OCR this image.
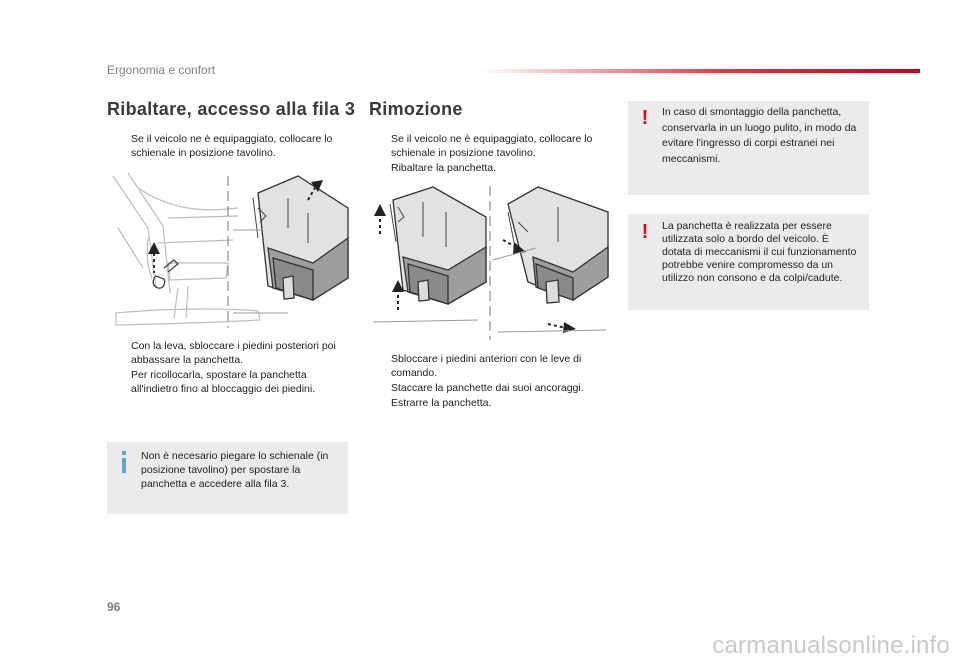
Ergonomia e confort
Ribaltare, accesso alla fila 3
Se il veicolo ne è equipaggiato, collocare lo schienale in posizione tavolino.
Con la leva, sbloccare i piedini posteriori poi abbassare la panchetta.
Per ricollocarla, spostare la panchetta all'indietro fino al bloccaggio dei piedini.
Non è necesario piegare lo schienale (in posizione tavolino) per spostare la panchetta e accedere alla fila 3.
Rimozione
Se il veicolo ne è equipaggiato, collocare lo schienale in posizione tavolino.
Ribaltare la panchetta.
Sbloccare i piedini anteriori con le leve di comando.
Staccare la panchette dai suoi ancoraggi.
Estrarre la panchetta.
!	In caso di smontaggio della panchetta, conservarla in un luogo pulito, in modo da evitare l'ingresso di corpi estranei nei meccanismi.
!	La panchetta è realizzata per essere utilizzata solo a bordo del veicolo. È dotata di meccanismi il cui funzionamento potrebbe venire compromesso da un utilizzo non consono e da colpi/cadute.
96
carmanualsonline.info
